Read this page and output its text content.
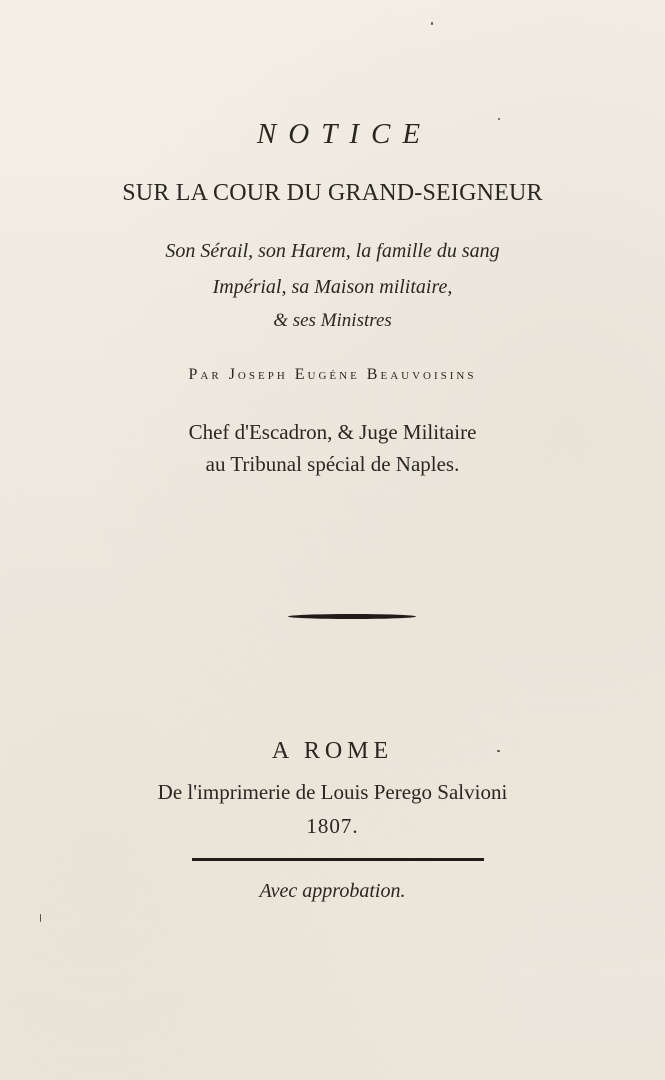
NOTICE
SUR LA COUR DU GRAND-SEIGNEUR
Son Sérail, son Harem, la famille du sang
Impérial, sa Maison militaire,
& ses Ministres
Par Joseph Eugéne Beauvoisins
Chef d'Escadron, & Juge Militaire
au Tribunal spécial de Naples.
A ROME
De l'imprimerie de Louis Perego Salvioni
1807.
Avec approbation.
